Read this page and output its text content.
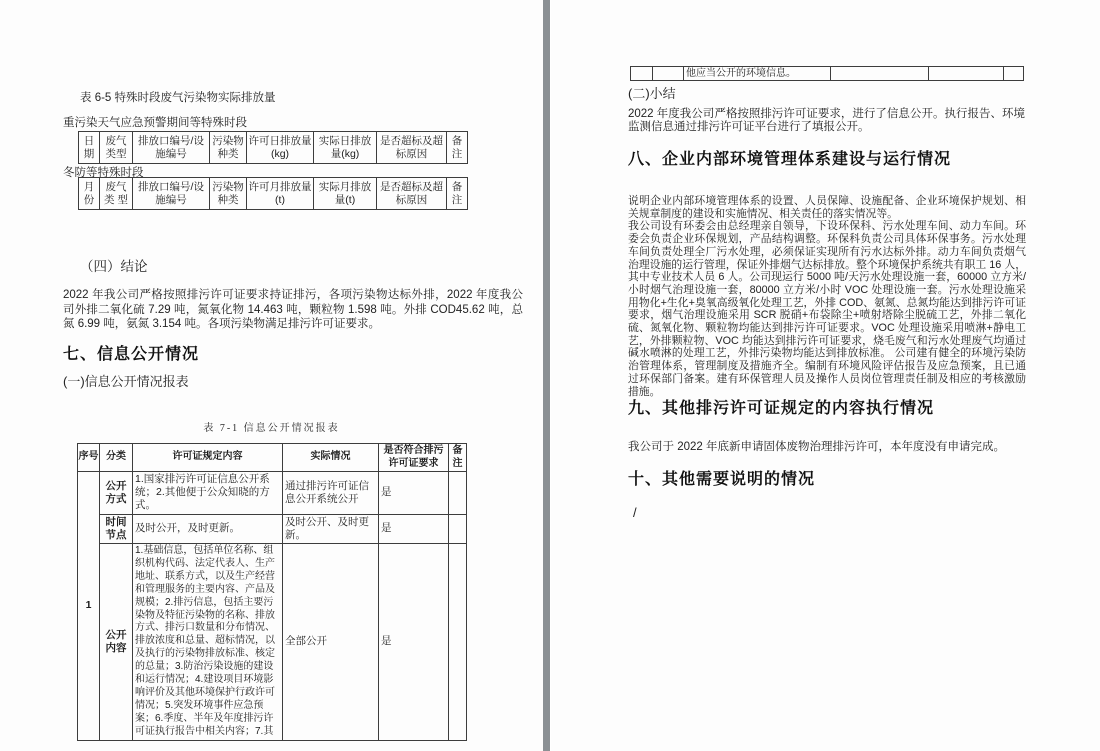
表 6-5 特殊时段废气污染物实际排放量
重污染天气应急预警期间等特殊时段
日期	废气类型	排放口编号/设施编号	污染物种类	许可日排放量(kg)	实际日排放量(kg)	是否超标及超标原因	备注
冬防等特殊时段
月份	废气类 型	排放口编号/设施编号	污染物种类	许可月排放量(t)	实际月排放量(t)	是否超标及超标原因	备注
（四）结论
2022 年我公司严格按照排污许可证要求持证排污，各项污染物达标外排，2022 年度我公司外排二氧化硫 7.29 吨，氮氧化物 14.463 吨，颗粒物 1.598 吨。外排 COD45.62 吨，总氮 6.99 吨，氨氮 3.154 吨。各项污染物满足排污许可证要求。
七、信息公开情况
(一)信息公开情况报表
表 7-1 信息公开情况报表
序号	分类	许可证规定内容	实际情况	是否符合排污许可证要求	备注
1	公开 方式	1.国家排污许可证信息公开系统；2.其他便于公众知晓的方式。	通过排污许可证信息公开系统公开	是	
	时间 节点	及时公开，及时更新。	及时公开、及时更新。	是	
	公开 内容	1.基础信息，包括单位名称、组织机构代码、法定代表人、生产地址、联系方式，以及生产经营和管理服务的主要内容、产品及规模；2.排污信息，包括主要污染物及特征污染物的名称、排放方式、排污口数量和分布情况、排放浓度和总量、超标情况，以及执行的污染物排放标准、核定的总量；3.防治污染设施的建设和运行情况；4.建设项目环境影响评价及其他环境保护行政许可情况；5.突发环境事件应急预案；6.季度、半年及年度排污许可证执行报告中相关内容；7.其	全部公开	是	
		他应当公开的环境信息。			
(二)小结
2022 年度我公司严格按照排污许可证要求，进行了信息公开。执行报告、环境监测信息通过排污许可证平台进行了填报公开。
八、企业内部环境管理体系建设与运行情况
说明企业内部环境管理体系的设置、人员保障、设施配备、企业环境保护规划、相关规章制度的建设和实施情况、相关责任的落实情况等。
我公司设有环委会由总经理亲自领导，下设环保科、污水处理车间、动力车间。环委会负责企业环保规划，产品结构调整。环保科负责公司具体环保事务。污水处理车间负责处理全厂污水处理，必须保证实现所有污水达标外排。动力车间负责烟气治理设施的运行管理，保证外排烟气达标排放。整个环境保护系统共有职工 16 人，其中专业技术人员 6 人。公司现运行 5000 吨/天污水处理设施一套，60000 立方米/小时烟气治理设施一套，80000 立方米/小时 VOC 处理设施一套。污水处理设施采用物化+生化+臭氧高级氧化处理工艺，外排 COD、氨氮、总氮均能达到排污许可证要求，烟气治理设施采用 SCR 脱硝+布袋除尘+喷射塔除尘脱硫工艺，外排二氧化硫、氮氧化物、颗粒物均能达到排污许可证要求。VOC 处理设施采用喷淋+静电工艺，外排颗粒物、VOC 均能达到排污许可证要求，烧毛废气和污水处理废气均通过碱水喷淋的处理工艺，外排污染物均能达到排放标准。 公司建有健全的环境污染防治管理体系，管理制度及措施齐全。编制有环境风险评估报告及应急预案，且已通过环保部门备案。建有环保管理人员及操作人员岗位管理责任制及相应的考核激励措施。
九、其他排污许可证规定的内容执行情况
我公司于 2022 年底新申请固体废物治理排污许可，本年度没有申请完成。
十、其他需要说明的情况
/
